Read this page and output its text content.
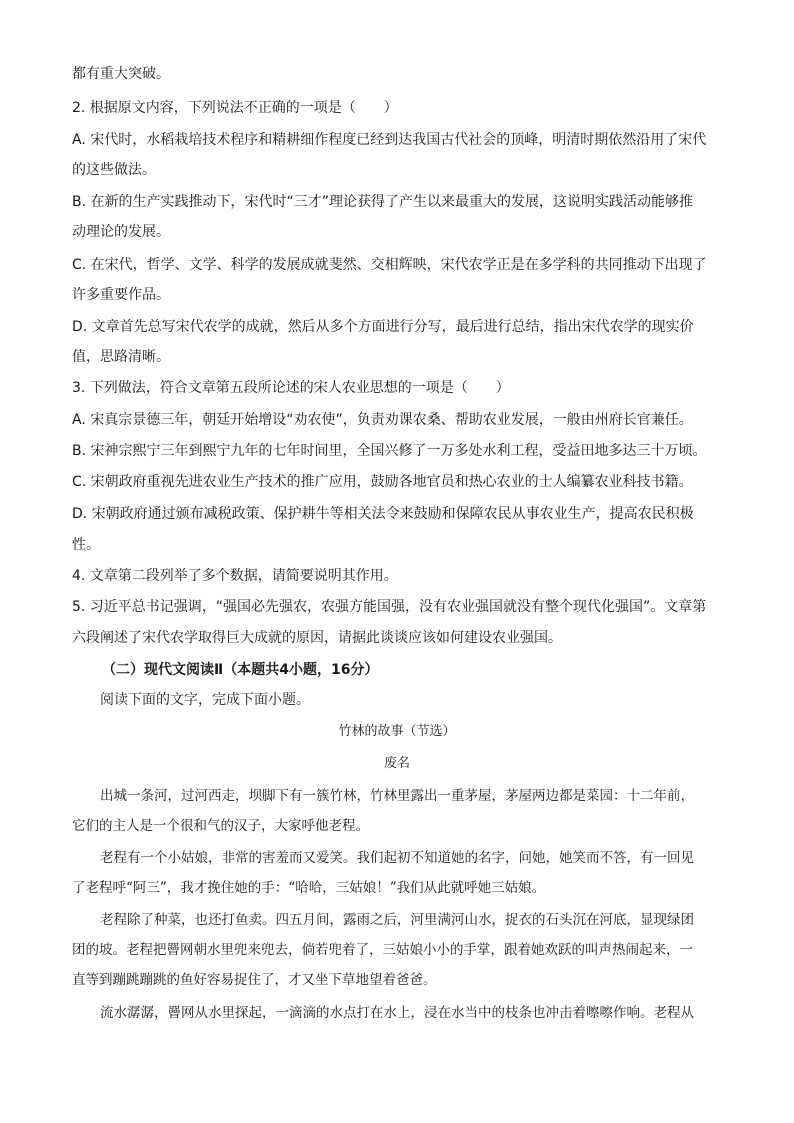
都有重大突破。

2. 根据原文内容，下列说法不正确的一项是（　　）

A. 宋代时，水稻栽培技术程序和精耕细作程度已经到达我国古代社会的顶峰，明清时期依然沿用了宋代

的这些做法。

B. 在新的生产实践推动下，宋代时“三才”理论获得了产生以来最重大的发展，这说明实践活动能够推

动理论的发展。

C. 在宋代，哲学、文学、科学的发展成就斐然、交相辉映，宋代农学正是在多学科的共同推动下出现了

许多重要作品。

D. 文章首先总写宋代农学的成就，然后从多个方面进行分写，最后进行总结，指出宋代农学的现实价

值，思路清晰。

3. 下列做法，符合文章第五段所论述的宋人农业思想的一项是（　　）

A. 宋真宗景德三年，朝廷开始增设“劝农使”，负责劝课农桑、帮助农业发展，一般由州府长官兼任。

B. 宋神宗熙宁三年到熙宁九年的七年时间里，全国兴修了一万多处水利工程，受益田地多达三十万顷。

C. 宋朝政府重视先进农业生产技术的推广应用，鼓励各地官员和热心农业的士人编纂农业科技书籍。

D. 宋朝政府通过颁布减税政策、保护耕牛等相关法令来鼓励和保障农民从事农业生产，提高农民积极

性。

4. 文章第二段列举了多个数据，请简要说明其作用。

5. 习近平总书记强调，“强国必先强农，农强方能国强，没有农业强国就没有整个现代化强国”。文章第

六段阐述了宋代农学取得巨大成就的原因，请据此谈谈应该如何建设农业强国。

（二）现代文阅读Ⅱ（本题共4小题，16分）

阅读下面的文字，完成下面小题。

竹林的故事（节选）

废名

出城一条河，过河西走，坝脚下有一簇竹林，竹林里露出一重茅屋，茅屋两边都是菜园：十二年前，

它们的主人是一个很和气的汉子，大家呼他老程。

老程有一个小姑娘，非常的害羞而又爱笑。我们起初不知道她的名字，问她，她笑而不答，有一回见

了老程呼“阿三”，我才挽住她的手：“哈哈，三姑娘！”我们从此就呼她三姑娘。

老程除了种菜，也还打鱼卖。四五月间，露雨之后，河里满河山水，捉衣的石头沉在河底，显现绿团

团的坡。老程把罾网朝水里兜来兜去，倘若兜着了，三姑娘小小的手掌，跟着她欢跃的叫声热闹起来，一

直等到蹦跳蹦跳的鱼好容易捉住了，才又坐下草地望着爸爸。

流水潺潺，罾网从水里探起，一滴滴的水点打在水上，浸在水当中的枝条也冲击着嚓嚓作响。老程从
